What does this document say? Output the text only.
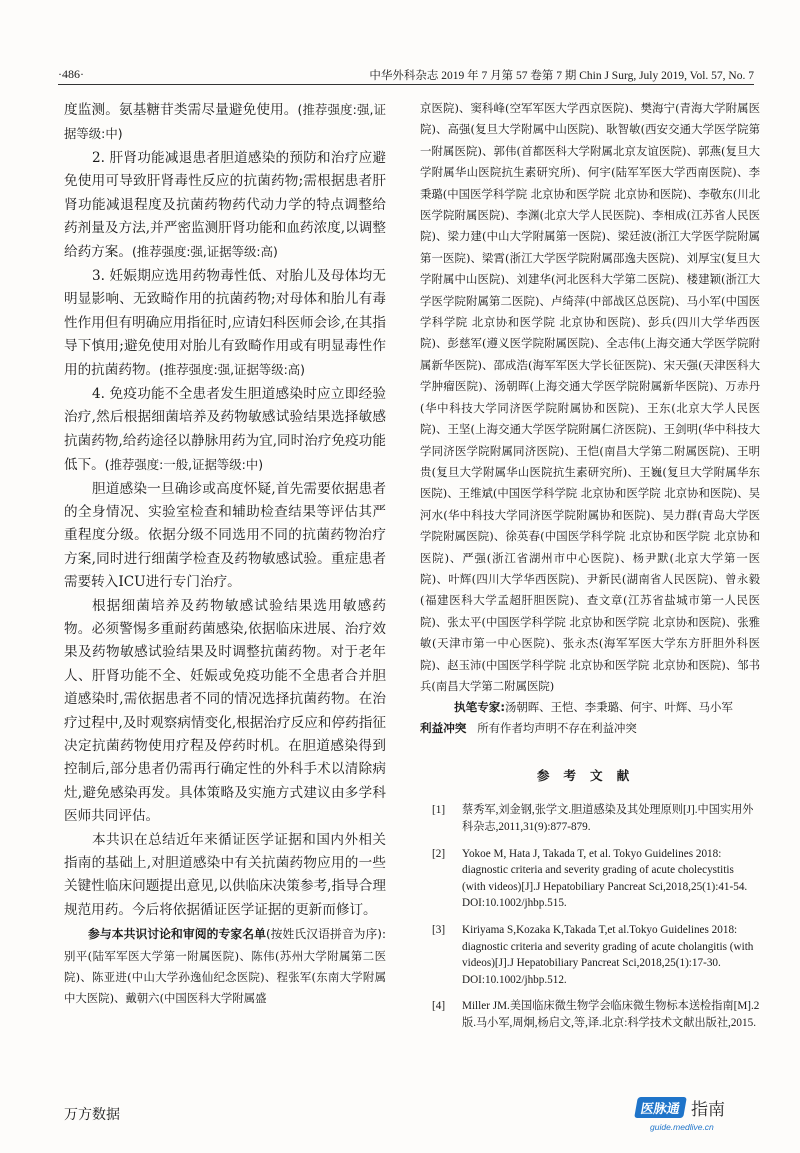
·486·	中华外科杂志 2019 年 7 月第 57 卷第 7 期 Chin J Surg, July 2019, Vol. 57, No. 7

度监测。氨基糖苷类需尽量避免使用。(推荐强度:强,证据等级:中)

2. 肝肾功能减退患者胆道感染的预防和治疗应避免使用可导致肝肾毒性反应的抗菌药物;需根据患者肝肾功能减退程度及抗菌药物药代动力学的特点调整给药剂量及方法,并严密监测肝肾功能和血药浓度,以调整给药方案。(推荐强度:强,证据等级:高)

3. 妊娠期应选用药物毒性低、对胎儿及母体均无明显影响、无致畸作用的抗菌药物;对母体和胎儿有毒性作用但有明确应用指征时,应请妇科医师会诊,在其指导下慎用;避免使用对胎儿有致畸作用或有明显毒性作用的抗菌药物。(推荐强度:强,证据等级:高)

4. 免疫功能不全患者发生胆道感染时应立即经验治疗,然后根据细菌培养及药物敏感试验结果选择敏感抗菌药物,给药途径以静脉用药为宜,同时治疗免疫功能低下。(推荐强度:一般,证据等级:中)

胆道感染一旦确诊或高度怀疑,首先需要依据患者的全身情况、实验室检查和辅助检查结果等评估其严重程度分级。依据分级不同选用不同的抗菌药物治疗方案,同时进行细菌学检查及药物敏感试验。重症患者需要转入ICU进行专门治疗。

根据细菌培养及药物敏感试验结果选用敏感药物。必须警惕多重耐药菌感染,依据临床进展、治疗效果及药物敏感试验结果及时调整抗菌药物。对于老年人、肝肾功能不全、妊娠或免疫功能不全患者合并胆道感染时,需依据患者不同的情况选择抗菌药物。在治疗过程中,及时观察病情变化,根据治疗反应和停药指征决定抗菌药物使用疗程及停药时机。在胆道感染得到控制后,部分患者仍需再行确定性的外科手术以清除病灶,避免感染再发。具体策略及实施方式建议由多学科医师共同评估。

本共识在总结近年来循证医学证据和国内外相关指南的基础上,对胆道感染中有关抗菌药物应用的一些关键性临床问题提出意见,以供临床决策参考,指导合理规范用药。今后将依据循证医学证据的更新而修订。

参与本共识讨论和审阅的专家名单(按姓氏汉语拼音为序):别平(陆军军医大学第一附属医院)、陈伟(苏州大学附属第二医院)、陈亚进(中山大学孙逸仙纪念医院)、程张军(东南大学附属中大医院)、戴朝六(中国医科大学附属盛

京医院)、窦科峰(空军军医大学西京医院)、樊海宁(青海大学附属医院)、高强(复旦大学附属中山医院)、耿智敏(西安交通大学医学院第一附属医院)、郭伟(首都医科大学附属北京友谊医院)、郭燕(复旦大学附属华山医院抗生素研究所)、何宇(陆军军医大学西南医院)、李秉璐(中国医学科学院 北京协和医学院 北京协和医院)、李敬东(川北医学院附属医院)、李渊(北京大学人民医院)、李相成(江苏省人民医院)、梁力建(中山大学附属第一医院)、梁廷波(浙江大学医学院附属第一医院)、梁霄(浙江大学医学院附属邵逸夫医院)、刘厚宝(复旦大学附属中山医院)、刘建华(河北医科大学第二医院)、楼建颖(浙江大学医学院附属第二医院)、卢绮萍(中部战区总医院)、马小军(中国医学科学院 北京协和医学院 北京协和医院)、彭兵(四川大学华西医院)、彭慈军(遵义医学院附属医院)、全志伟(上海交通大学医学院附属新华医院)、邵成浩(海军军医大学长征医院)、宋天强(天津医科大学肿瘤医院)、汤朝晖(上海交通大学医学院附属新华医院)、万赤丹(华中科技大学同济医学院附属协和医院)、王东(北京大学人民医院)、王坚(上海交通大学医学院附属仁济医院)、王剑明(华中科技大学同济医学院附属同济医院)、王恺(南昌大学第二附属医院)、王明贵(复旦大学附属华山医院抗生素研究所)、王巍(复旦大学附属华东医院)、王维斌(中国医学科学院 北京协和医学院 北京协和医院)、吴河水(华中科技大学同济医学院附属协和医院)、吴力群(青岛大学医学院附属医院)、徐英春(中国医学科学院 北京协和医学院 北京协和医院)、严强(浙江省湖州市中心医院)、杨尹默(北京大学第一医院)、叶辉(四川大学华西医院)、尹新民(湖南省人民医院)、曾永毅(福建医科大学孟超肝胆医院)、查文章(江苏省盐城市第一人民医院)、张太平(中国医学科学院 北京协和医学院 北京协和医院)、张雅敏(天津市第一中心医院)、张永杰(海军军医大学东方肝胆外科医院)、赵玉沛(中国医学科学院 北京协和医学院 北京协和医院)、邹书兵(南昌大学第二附属医院)

执笔专家:汤朝晖、王恺、李秉璐、何宇、叶辉、马小军

利益冲突 所有作者均声明不存在利益冲突

参考文献

[1] 蔡秀军,刘金钢,张学文.胆道感染及其处理原则[J].中国实用外科杂志,2011,31(9):877-879.

[2] Yokoe M, Hata J, Takada T, et al. Tokyo Guidelines 2018: diagnostic criteria and severity grading of acute cholecystitis (with videos)[J].J Hepatobiliary Pancreat Sci,2018,25(1):41-54. DOI:10.1002/jhbp.515.

[3] Kiriyama S,Kozaka K,Takada T,et al.Tokyo Guidelines 2018: diagnostic criteria and severity grading of acute cholangitis (with videos)[J].J Hepatobiliary Pancreat Sci,2018,25(1):17-30. DOI:10.1002/jhbp.512.

[4] Miller JM.美国临床微生物学会临床微生物标本送检指南[M].2版.马小军,周炯,杨启文,等,译.北京:科学技术文献出版社,2015.

万方数据	医脉通 指南
guide.medlive.cn
